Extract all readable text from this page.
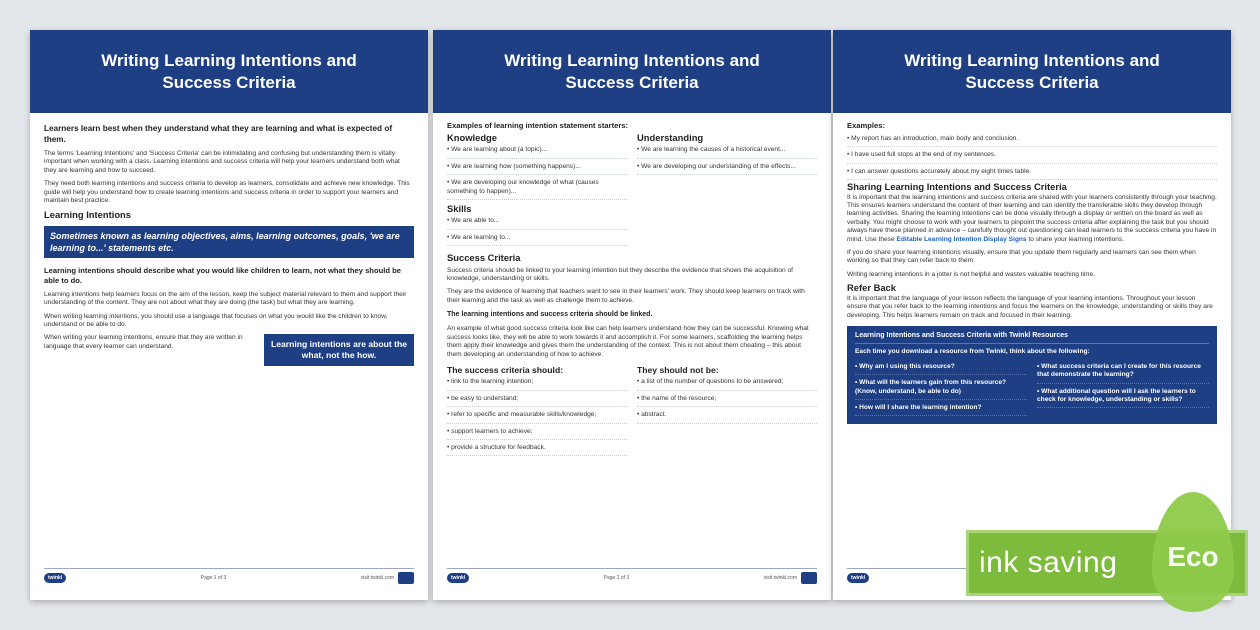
Writing Learning Intentions and Success Criteria

Learners learn best when they understand what they are learning and what is expected of them.

The terms 'Learning Intentions' and 'Success Criteria' can be intimidating and confusing but understanding them is vitally important when working with a class. Learning intentions and success criteria will help your learners understand both what they are learning and how to succeed.

They need both learning intentions and success criteria to develop as learners, consolidate and achieve new knowledge. This guide will help you understand how to create learning intentions and success criteria in order to support your learners and maintain best practice.

Learning Intentions
Sometimes known as learning objectives, aims, learning outcomes, goals, 'we are learning to...' statements etc.

Learning intentions should describe what you would like children to learn, not what they should be able to do.

Learning intentions help learners focus on the aim of the lesson, keep the subject material relevant to them and support their understanding of the content. They are not about what they are doing (the task) but what they are learning.

When writing learning intentions, you should use a language that focuses on what you would like the children to know, understand or be able to do.

When writing your learning intentions, ensure that they are written in language that every learner can understand.	Learning intentions are about the what, not the how.
twinkl	Page 1 of 3	visit twinkl.com
Writing Learning Intentions and Success Criteria

Examples of learning intention statement starters:

Knowledge
• We are learning about (a topic)...
• We are learning how (something happens)...
• We are developing our knowledge of what (causes something to happen)...
Skills
• We are able to...
• We are learning to...
Understanding
• We are learning the causes of a historical event...
• We are developing our understanding of the effects...
Success Criteria

Success criteria should be linked to your learning intention but they describe the evidence that shows the acquisition of knowledge, understanding or skills.

They are the evidence of learning that teachers want to see in their learners' work. They should keep learners on track with their learning and the task as well as challenge them to achieve.

The learning intentions and success criteria should be linked.

An example of what good success criteria look like can help learners understand how they can be successful. Knowing what success looks like, they will be able to work towards it and accomplish it. For some learners, scaffolding the learning helps them apply their knowledge and gives them the understanding of the context. This is not about them cheating – this about them developing an understanding of how to achieve.

The success criteria should:
• link to the learning intention;
• be easy to understand;
• refer to specific and measurable skills/knowledge;
• support learners to achieve;
• provide a structure for feedback.
They should not be:
• a list of the number of questions to be answered;
• the name of the resource;
• abstract.
twinkl	Page 2 of 3	visit twinkl.com
Writing Learning Intentions and Success Criteria

Examples:

• My report has an introduction, main body and conclusion.
• I have used full stops at the end of my sentences.
• I can answer questions accurately about my eight times table.
Sharing Learning Intentions and Success Criteria

It is important that the learning intentions and success criteria are shared with your learners consistently through your teaching. This ensures learners understand the content of their learning and can identify the transferable skills they develop through learning activities. Sharing the learning intentions can be done visually through a display or written on the board as well as verbally. You might choose to work with your learners to pinpoint the success criteria after explaining the task but you should always have these planned in advance – carefully thought out questioning can lead learners to the success criteria you have in mind. Use these Editable Learning Intention Display Signs to share your learning intentions.

If you do share your learning intentions visually, ensure that you update them regularly and learners can see them when working so that they can refer back to them.

Writing learning intentions in a jotter is not helpful and wastes valuable teaching time.

Refer Back

It is important that the language of your lesson reflects the language of your learning intentions. Throughout your lesson ensure that you refer back to the learning intentions and focus the learners on the knowledge, understanding or skills they are developing. This helps learners remain on track and focused in their learning.

Learning Intentions and Success Criteria with Twinkl Resources
Each time you download a resource from Twinkl, think about the following:
• Why am I using this resource?
• What will the learners gain from this resource? (Know, understand, be able to do)
• How will I share the learning intention?
• What success criteria can I create for this resource that demonstrate the learning?
• What additional question will I ask the learners to check for knowledge, understanding or skills?
twinkl	ink saving Eco
